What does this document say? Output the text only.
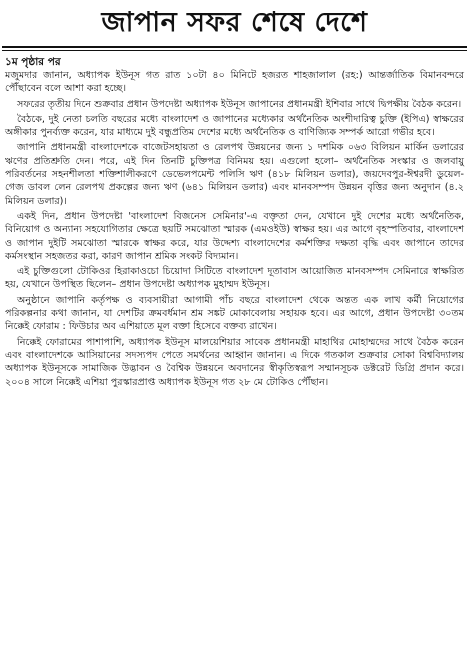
জাপান সফর শেষে দেশে
১ম পৃষ্ঠার পর

মজুমদার জানান, অধ্যাপক ইউনূস গত রাত ১০টা ৪০ মিনিটে হজরত শাহজালাল (রহ:) আন্তর্জাতিক বিমানবন্দরে পৌঁছাবেন বলে আশা করা হচ্ছে।

সফরের তৃতীয় দিনে শুক্রবার প্রধান উপদেষ্টা অধ্যাপক ইউনূস জাপানের প্রধানমন্ত্রী ইশিবার সাথে দ্বিপক্ষীয় বৈঠক করেন।

বৈঠকে, দুই নেতা চলতি বছরের মধ্যে বাংলাদেশ ও জাপানের মধ্যেকার অর্থনৈতিক অংশীদারিত্ব চুক্তি (ইপিএ) স্বাক্ষরের অঙ্গীকার পুনর্ব্যক্ত করেন, যার মাধ্যমে দুই বন্ধুপ্রতিম দেশের মধ্যে অর্থনৈতিক ও বাণিজ্যিক সম্পর্ক আরো গভীর হবে।

জাপানি প্রধানমন্ত্রী বাংলাদেশকে বাজেটসহায়তা ও রেলপথ উন্নয়নের জন্য ১ দশমিক ০৬৩ বিলিয়ন মার্কিন ডলারের ঋণের প্রতিশ্রুতি দেন। পরে, এই দিন তিনটি চুক্তিপত্র বিনিময় হয়। এগুলো হলো– অর্থনৈতিক সংস্কার ও জলবায়ু পরিবর্তনের সহনশীলতা শক্তিশালীকরণে ডেভেলপমেন্ট পলিসি ঋণ (৪১৮ মিলিয়ন ডলার), জয়দেবপুর-ঈশ্বরদী ডুয়েল-গেজ ডাবল লেন রেলপথ প্রকল্পের জন্য ঋণ (৬৪১ মিলিয়ন ডলার) এবং মানবসম্পদ উন্নয়ন বৃত্তির জন্য অনুদান (৪.২ মিলিয়ন ডলার)।

একই দিন, প্রধান উপদেষ্টা 'বাংলাদেশ বিজনেস সেমিনার'-এ বক্তৃতা দেন, যেখানে দুই দেশের মধ্যে অর্থনৈতিক, বিনিয়োগ ও অন্যান্য সহযোগিতার ক্ষেত্রে ছয়টি সমঝোতা স্মারক (এমওইউ) স্বাক্ষর হয়। এর আগে বৃহস্পতিবার, বাংলাদেশ ও জাপান দুইটি সমঝোতা স্মারকে স্বাক্ষর করে, যার উদ্দেশ্য বাংলাদেশের কর্মশক্তির দক্ষতা বৃদ্ধি এবং জাপানে তাদের কর্মসংস্থান সহজতর করা, কারণ জাপান শ্রমিক সংকট বিদ্যমান।

এই চুক্তিগুলো টোকিওর হিরাকাওচো চিয়োদা সিটিতে বাংলাদেশ দূতাবাস আয়োজিত মানবসম্পদ সেমিনারে স্বাক্ষরিত হয়, যেখানে উপস্থিত ছিলেন– প্রধান উপদেষ্টা অধ্যাপক মুহাম্মদ ইউনূস।

অনুষ্ঠানে জাপানি কর্তৃপক্ষ ও ব্যবসায়ীরা আগামী পাঁচ বছরে বাংলাদেশ থেকে অন্তত এক লাখ কর্মী নিয়োগের পরিকল্পনার কথা জানান, যা দেশটির ক্রমবর্ধমান শ্রম সঙ্কট মোকাবেলায় সহায়ক হবে। এর আগে, প্রধান উপদেষ্টা ৩০তম নিক্কেই ফোরাম : ফিউচার অব এশিয়াতে মূল বক্তা হিসেবে বক্তব্য রাখেন।

নিক্কেই ফোরামের পাশাপাশি, অধ্যাপক ইউনূস মালয়েশিয়ার সাবেক প্রধানমন্ত্রী মাহাথির মোহাম্মদের সাথে বৈঠক করেন এবং বাংলাদেশকে আসিয়ানের সদস্যপদ পেতে সমর্থনের আহ্বান জানান। এ দিকে গতকাল শুক্রবার সোকা বিশ্ববিদ্যালয় অধ্যাপক ইউনূসকে সামাজিক উদ্ভাবন ও বৈশ্বিক উন্নয়নে অবদানের স্বীকৃতিস্বরূপ সম্মানসূচক ডক্টরেট ডিগ্রি প্রদান করে।২০০৪ সালে নিক্কেই এশিয়া পুরস্কারপ্রাপ্ত অধ্যাপক ইউনূস গত ২৮ মে টোকিও পৌঁছান।
